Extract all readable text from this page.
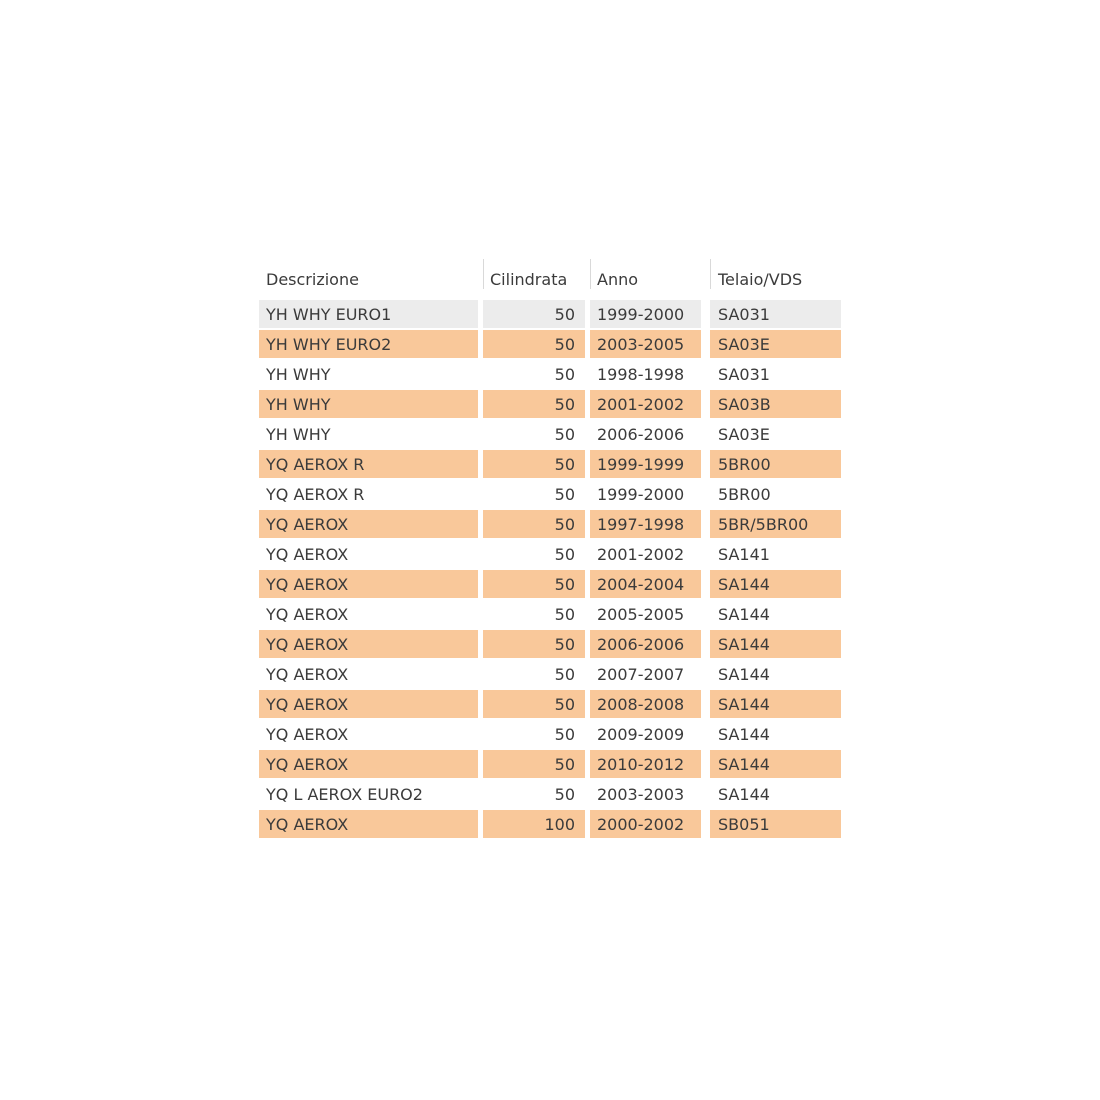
Descrizione	Cilindrata	Anno	Telaio/VDS
YH WHY EURO1	50	1999-2000	SA031
YH WHY EURO2	50	2003-2005	SA03E
YH WHY	50	1998-1998	SA031
YH WHY	50	2001-2002	SA03B
YH WHY	50	2006-2006	SA03E
YQ AEROX R	50	1999-1999	5BR00
YQ AEROX R	50	1999-2000	5BR00
YQ AEROX	50	1997-1998	5BR/5BR00
YQ AEROX	50	2001-2002	SA141
YQ AEROX	50	2004-2004	SA144
YQ AEROX	50	2005-2005	SA144
YQ AEROX	50	2006-2006	SA144
YQ AEROX	50	2007-2007	SA144
YQ AEROX	50	2008-2008	SA144
YQ AEROX	50	2009-2009	SA144
YQ AEROX	50	2010-2012	SA144
YQ L AEROX EURO2	50	2003-2003	SA144
YQ AEROX	100	2000-2002	SB051
